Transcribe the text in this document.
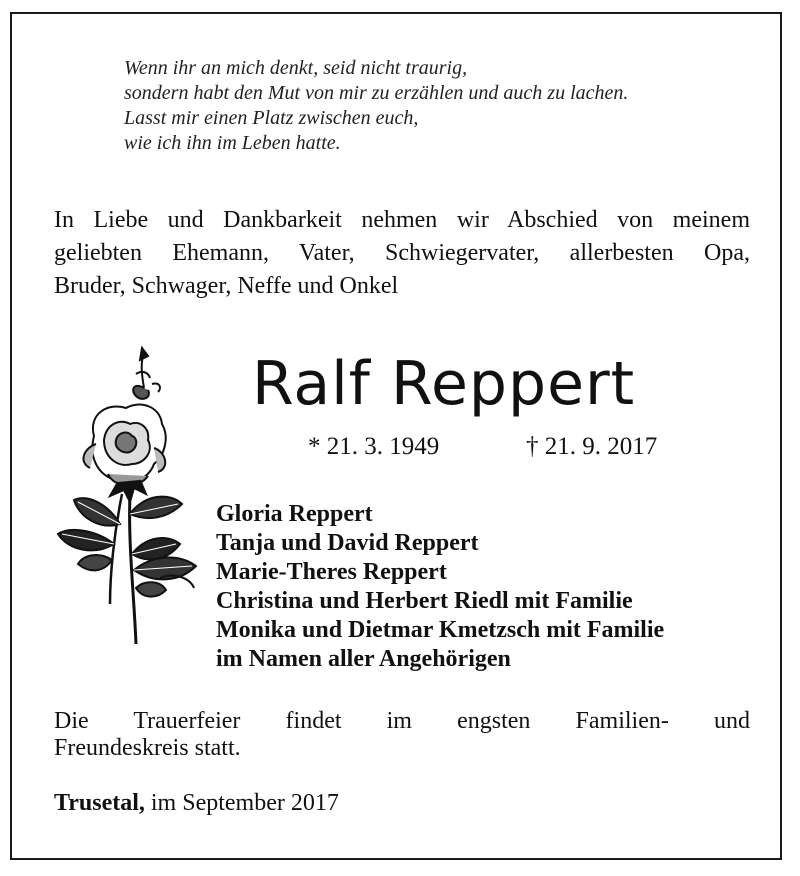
Wenn ihr an mich denkt, seid nicht traurig,
sondern habt den Mut von mir zu erzählen und auch zu lachen.
Lasst mir einen Platz zwischen euch,
wie ich ihn im Leben hatte.
In Liebe und Dankbarkeit nehmen wir Abschied von meinem
geliebten Ehemann, Vater, Schwiegervater, allerbesten Opa,
Bruder, Schwager, Neffe und Onkel
Ralf Reppert
* 21. 3. 1949	† 21. 9. 2017
Gloria Reppert
Tanja und David Reppert
Marie-Theres Reppert
Christina und Herbert Riedl mit Familie
Monika und Dietmar Kmetzsch mit Familie
im Namen aller Angehörigen
Die Trauerfeier findet im engsten Familien- und
Freundeskreis statt.
Trusetal, im September 2017
